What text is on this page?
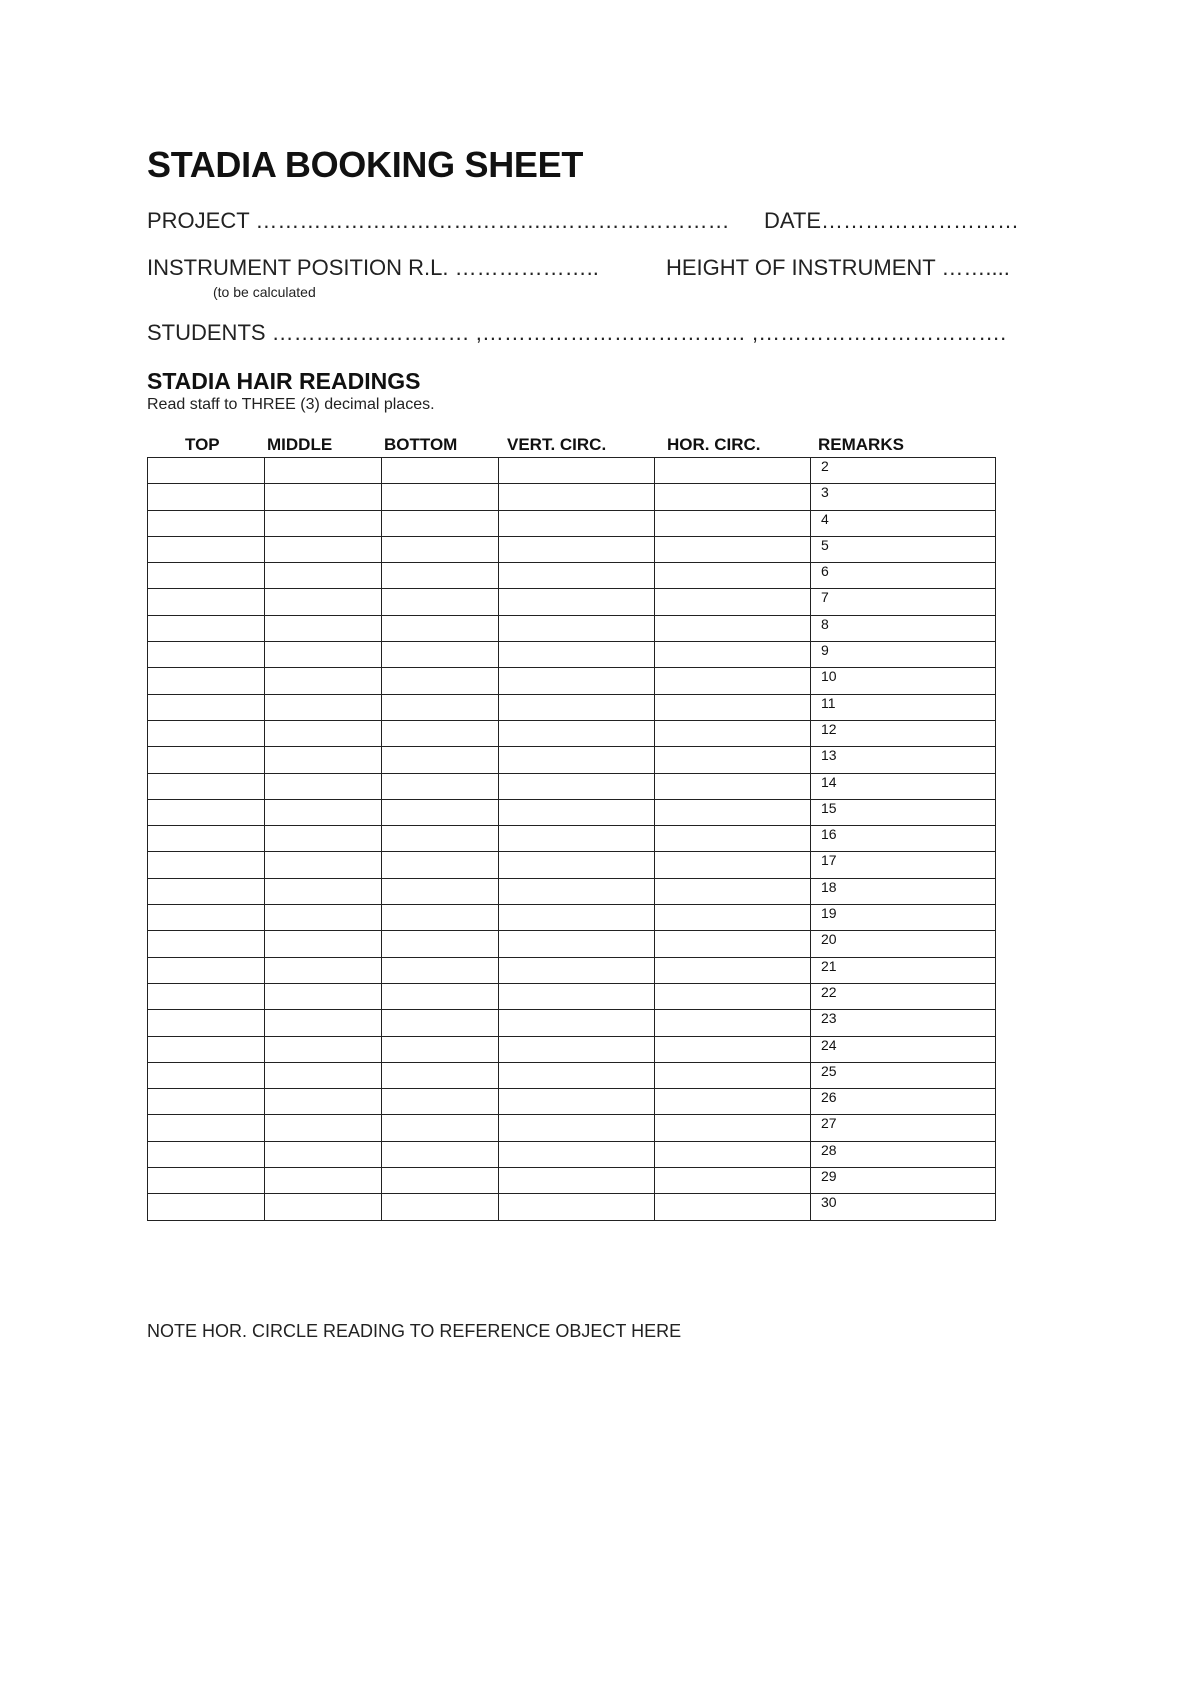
STADIA BOOKING SHEET
PROJECT …………………………………..…………………… DATE………………………
INSTRUMENT POSITION R.L. ………………..	HEIGHT OF INSTRUMENT ……....
(to be calculated
STUDENTS ……………………… ,……………………………… ,…………………………….
STADIA HAIR READINGS
Read staff to THREE (3) decimal places.
TOP	MIDDLE	BOTTOM	VERT. CIRC.	HOR. CIRC.	REMARKS
					2
					3
					4
					5
					6
					7
					8
					9
					10
					11
					12
					13
					14
					15
					16
					17
					18
					19
					20
					21
					22
					23
					24
					25
					26
					27
					28
					29
					30
NOTE HOR. CIRCLE READING TO REFERENCE OBJECT HERE
